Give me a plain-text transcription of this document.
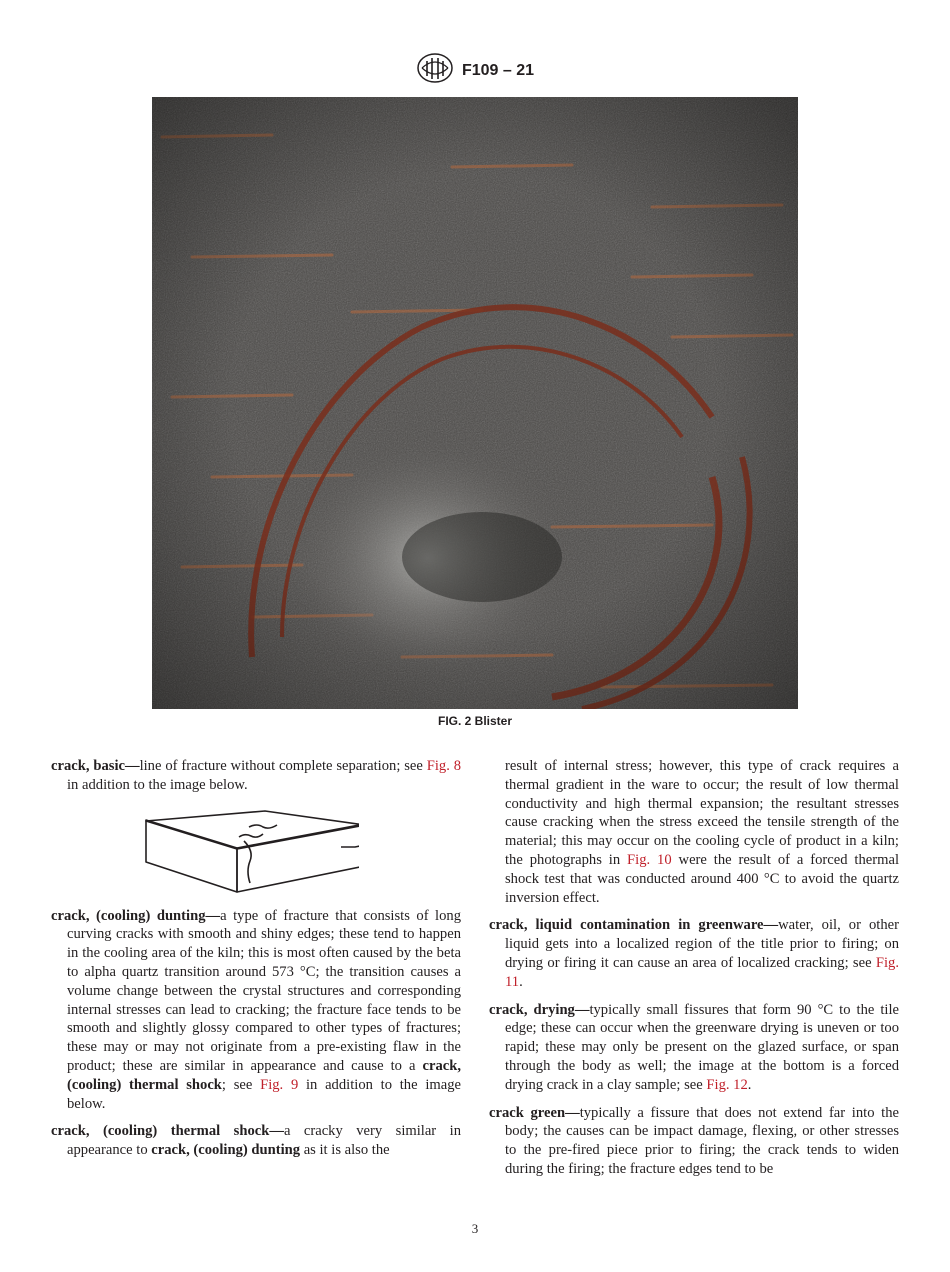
F109 – 21
FIG. 2 Blister

crack, basic—line of fracture without complete separation; see Fig. 8 in addition to the image below.

crack, (cooling) dunting—a type of fracture that consists of long curving cracks with smooth and shiny edges; these tend to happen in the cooling area of the kiln; this is most often caused by the beta to alpha quartz transition around 573 °C; the transition causes a volume change between the crystal structures and corresponding internal stresses can lead to cracking; the fracture face tends to be smooth and slightly glossy compared to other types of fractures; these may or may not originate from a pre-existing flaw in the product; these are similar in appearance and cause to a crack, (cooling) thermal shock; see Fig. 9 in addition to the image below.

crack, (cooling) thermal shock—a cracky very similar in appearance to crack, (cooling) dunting as it is also the

result of internal stress; however, this type of crack requires a thermal gradient in the ware to occur; the result of low thermal conductivity and high thermal expansion; the resultant stresses cause cracking when the stress exceed the tensile strength of the material; this may occur on the cooling cycle of product in a kiln; the photographs in Fig. 10 were the result of a forced thermal shock test that was conducted around 400 °C to avoid the quartz inversion effect.

crack, liquid contamination in greenware—water, oil, or other liquid gets into a localized region of the title prior to firing; on drying or firing it can cause an area of localized cracking; see Fig. 11.

crack, drying—typically small fissures that form 90 °C to the tile edge; these can occur when the greenware drying is uneven or too rapid; these may only be present on the glazed surface, or span through the body as well; the image at the bottom is a forced drying crack in a clay sample; see Fig. 12.

crack green—typically a fissure that does not extend far into the body; the causes can be impact damage, flexing, or other stresses to the pre-fired piece prior to firing; the crack tends to widen during the firing; the fracture edges tend to be

3
